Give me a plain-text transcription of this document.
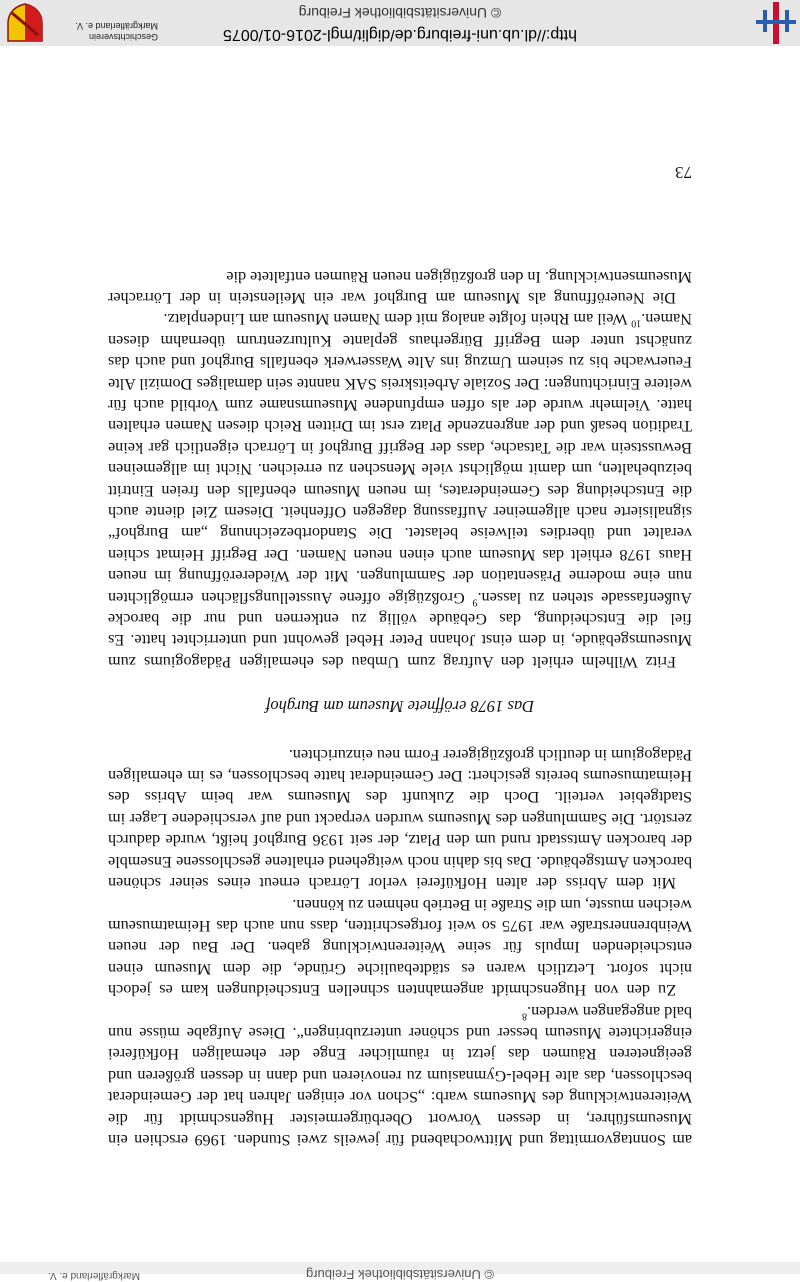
© Universitätsbibliothek Freiburg
Markgräflerland e. V.

am Sonntagvormittag und Mittwochabend für jeweils zwei Stunden. 1969 erschien ein Museumsführer, in dessen Vorwort Oberbürgermeister Hugenschmidt für die Weiterentwicklung des Museums warb: „Schon vor einigen Jahren hat der Gemeinderat beschlossen, das alte Hebel-Gymnasium zu renovieren und dann in dessen größeren und geeigneteren Räumen das jetzt in räumlicher Enge der ehemaligen Hofküferei eingerichtete Museum besser und schöner unterzubringen“. Diese Aufgabe müsse nun bald angegangen werden.$^8$

Zu den von Hugenschmidt angemahnten schnellen Entscheidungen kam es jedoch nicht sofort. Letztlich waren es städtebauliche Gründe, die dem Museum einen entscheidenden Impuls für seine Weiterentwicklung gaben. Der Bau der neuen Weinbrennerstraße war 1975 so weit fortgeschritten, dass nun auch das Heimatmuseum weichen musste, um die Straße in Betrieb nehmen zu können.

Mit dem Abriss der alten Hofküferei verlor Lörrach erneut eines seiner schönen barocken Amtsgebäude. Das bis dahin noch weitgehend erhaltene geschlossene Ensemble der barocken Amtsstadt rund um den Platz, der seit 1936 Burghof heißt, wurde dadurch zerstört. Die Sammlungen des Museums wurden verpackt und auf verschiedene Lager im Stadtgebiet verteilt. Doch die Zukunft des Museums war beim Abriss des Heimatmuseums bereits gesichert: Der Gemeinderat hatte beschlossen, es im ehemaligen Pädagogium in deutlich großzügigerer Form neu einzurichten.

Das 1978 eröffnete Museum am Burghof

Fritz Wilhelm erhielt den Auftrag zum Umbau des ehemaligen Pädagogiums zum Museumsgebäude, in dem einst Johann Peter Hebel gewohnt und unterrichtet hatte. Es fiel die Entscheidung, das Gebäude völlig zu entkernen und nur die barocke Außenfassade stehen zu lassen.$^9$ Großzügige offene Ausstellungsflächen ermöglichten nun eine moderne Präsentation der Sammlungen. Mit der Wiedereröffnung im neuen Haus 1978 erhielt das Museum auch einen neuen Namen. Der Begriff Heimat schien veraltet und überdies teilweise belastet. Die Standortbezeichnung „am Burghof“ signalisierte nach allgemeiner Auffassung dagegen Offenheit. Diesem Ziel diente auch die Entscheidung des Gemeinderates, im neuen Museum ebenfalls den freien Eintritt beizubehalten, um damit möglichst viele Menschen zu erreichen. Nicht im allgemeinen Bewusstsein war die Tatsache, dass der Begriff Burghof in Lörrach eigentlich gar keine Tradition besaß und der angrenzende Platz erst im Dritten Reich diesen Namen erhalten hatte. Vielmehr wurde der als offen empfundene Museumsname zum Vorbild auch für weitere Einrichtungen: Der Soziale Arbeitskreis SAK nannte sein damaliges Domizil Alte Feuerwache bis zu seinem Umzug ins Alte Wasserwerk ebenfalls Burghof und auch das zunächst unter dem Begriff Bürgerhaus geplante Kulturzentrum übernahm diesen Namen.$^{10}$ Weil am Rhein folgte analog mit dem Namen Museum am Lindenplatz.

Die Neueröffnung als Museum am Burghof war ein Meilenstein in der Lörracher Museumsentwicklung. In den großzügigen neuen Räumen entfaltete die

73
http://dl.ub.uni-freiburg.de/diglit/mgl-2016-01/0075
© Universitätsbibliothek Freiburg
Geschichtsverein
Markgräflerland e. V.
